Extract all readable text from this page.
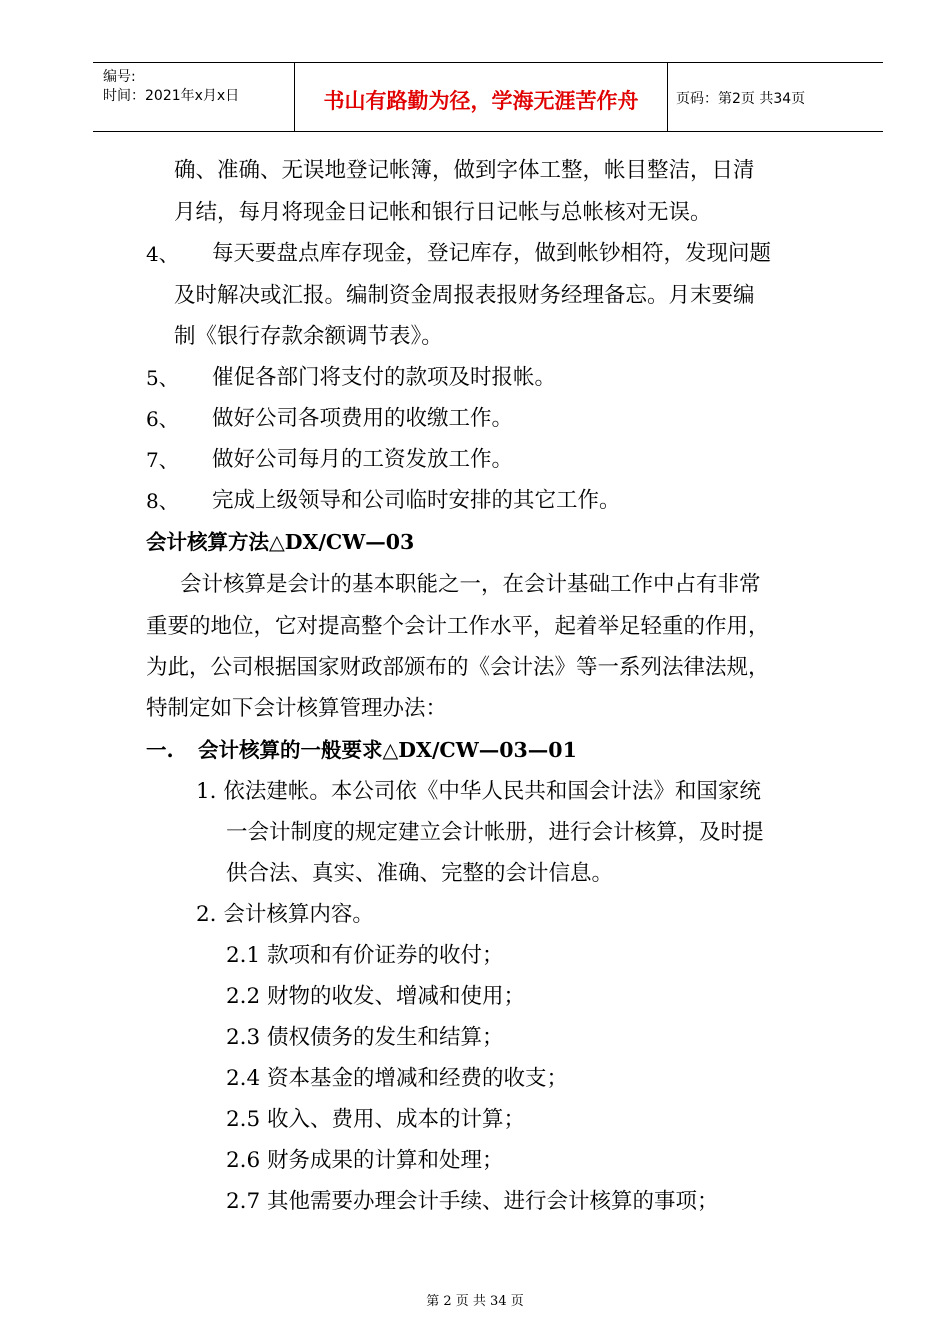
编号:
时间：2021年x月x日	书山有路勤为径，学海无涯苦作舟	页码：第2页 共34页
确、准确、无误地登记帐簿，做到字体工整，帐目整洁，日清
月结，每月将现金日记帐和银行日记帐与总帐核对无误。
4、 每天要盘点库存现金，登记库存，做到帐钞相符，发现问题
及时解决或汇报。编制资金周报表报财务经理备忘。月末要编
制《银行存款余额调节表》。
5、 催促各部门将支付的款项及时报帐。
6、 做好公司各项费用的收缴工作。
7、 做好公司每月的工资发放工作。
8、 完成上级领导和公司临时安排的其它工作。
会计核算方法△DX/CW—03
会计核算是会计的基本职能之一，在会计基础工作中占有非常
重要的地位，它对提高整个会计工作水平，起着举足轻重的作用，
为此，公司根据国家财政部颁布的《会计法》等一系列法律法规，
特制定如下会计核算管理办法：
一. 会计核算的一般要求△DX/CW—03—01
1. 依法建帐。本公司依《中华人民共和国会计法》和国家统
一会计制度的规定建立会计帐册，进行会计核算，及时提
供合法、真实、准确、完整的会计信息。
2. 会计核算内容。
2.1 款项和有价证券的收付；
2.2 财物的收发、增减和使用；
2.3 债权债务的发生和结算；
2.4 资本基金的增减和经费的收支；
2.5 收入、费用、成本的计算；
2.6 财务成果的计算和处理；
2.7 其他需要办理会计手续、进行会计核算的事项；
第 2 页 共 34 页
